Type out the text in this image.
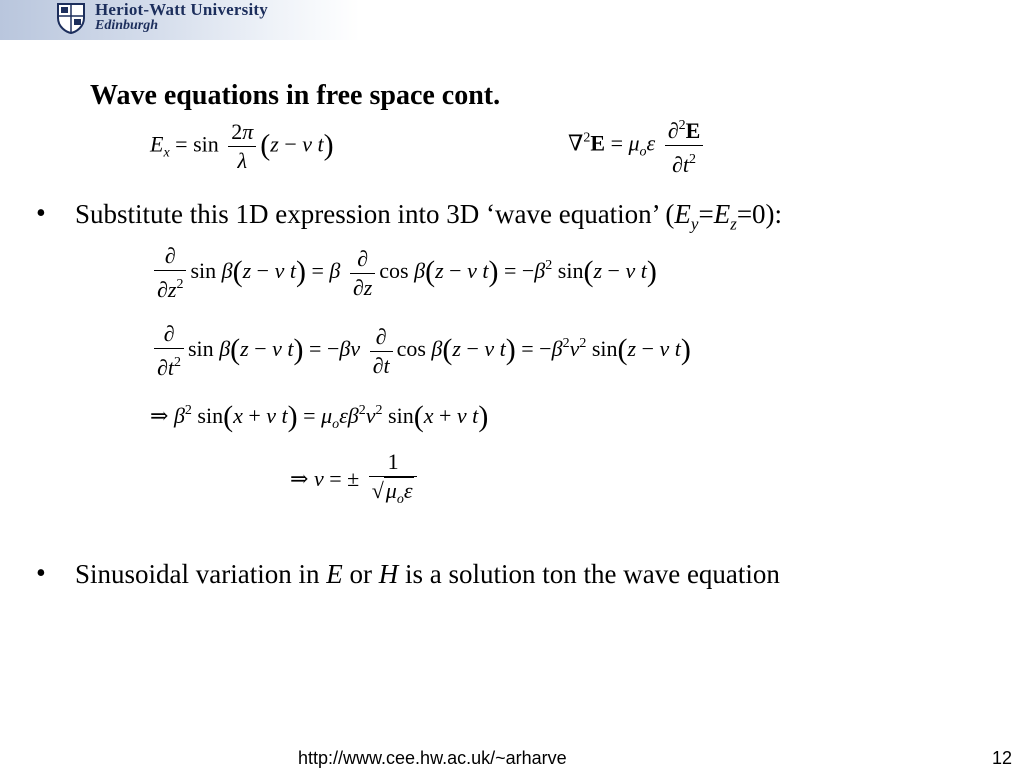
Heriot-Watt University
Edinburgh
Wave equations in free space cont.
$E_x = \sin \frac{2\pi}{\lambda} (z - v$ t)	$\nabla^2E = \mu_o\varepsilon \frac{\partial^2E}{\partial t^2}$
• Substitute this 1D expression into 3D ‘wave equation’ $(E_y=E_z=0)$:
$\frac{\partial}{\partial z^2}$ sin β(z − v t) = β $\frac{\partial}{\partial z}$ cos β(z − v $t) = -\beta^2$ sin(z − v t)
$\frac{\partial}{\partial t^2}$ sin β(z − v $t) = -\beta v \frac{\partial}{\partial t}$ cos β(z − v $t) = -\beta^2v^2$ sin(z − v t)
⇒ $\beta^2$ sin(x + v $t) = \mu_o\varepsilon\beta^2v^2$ sin(x + v t)
⇒ v = ± $\frac{1}{√\mu_o\varepsilon}$
• Sinusoidal variation in E or H is a solution ton the wave equation
http://www.cee.hw.ac.uk/~arharve	12
